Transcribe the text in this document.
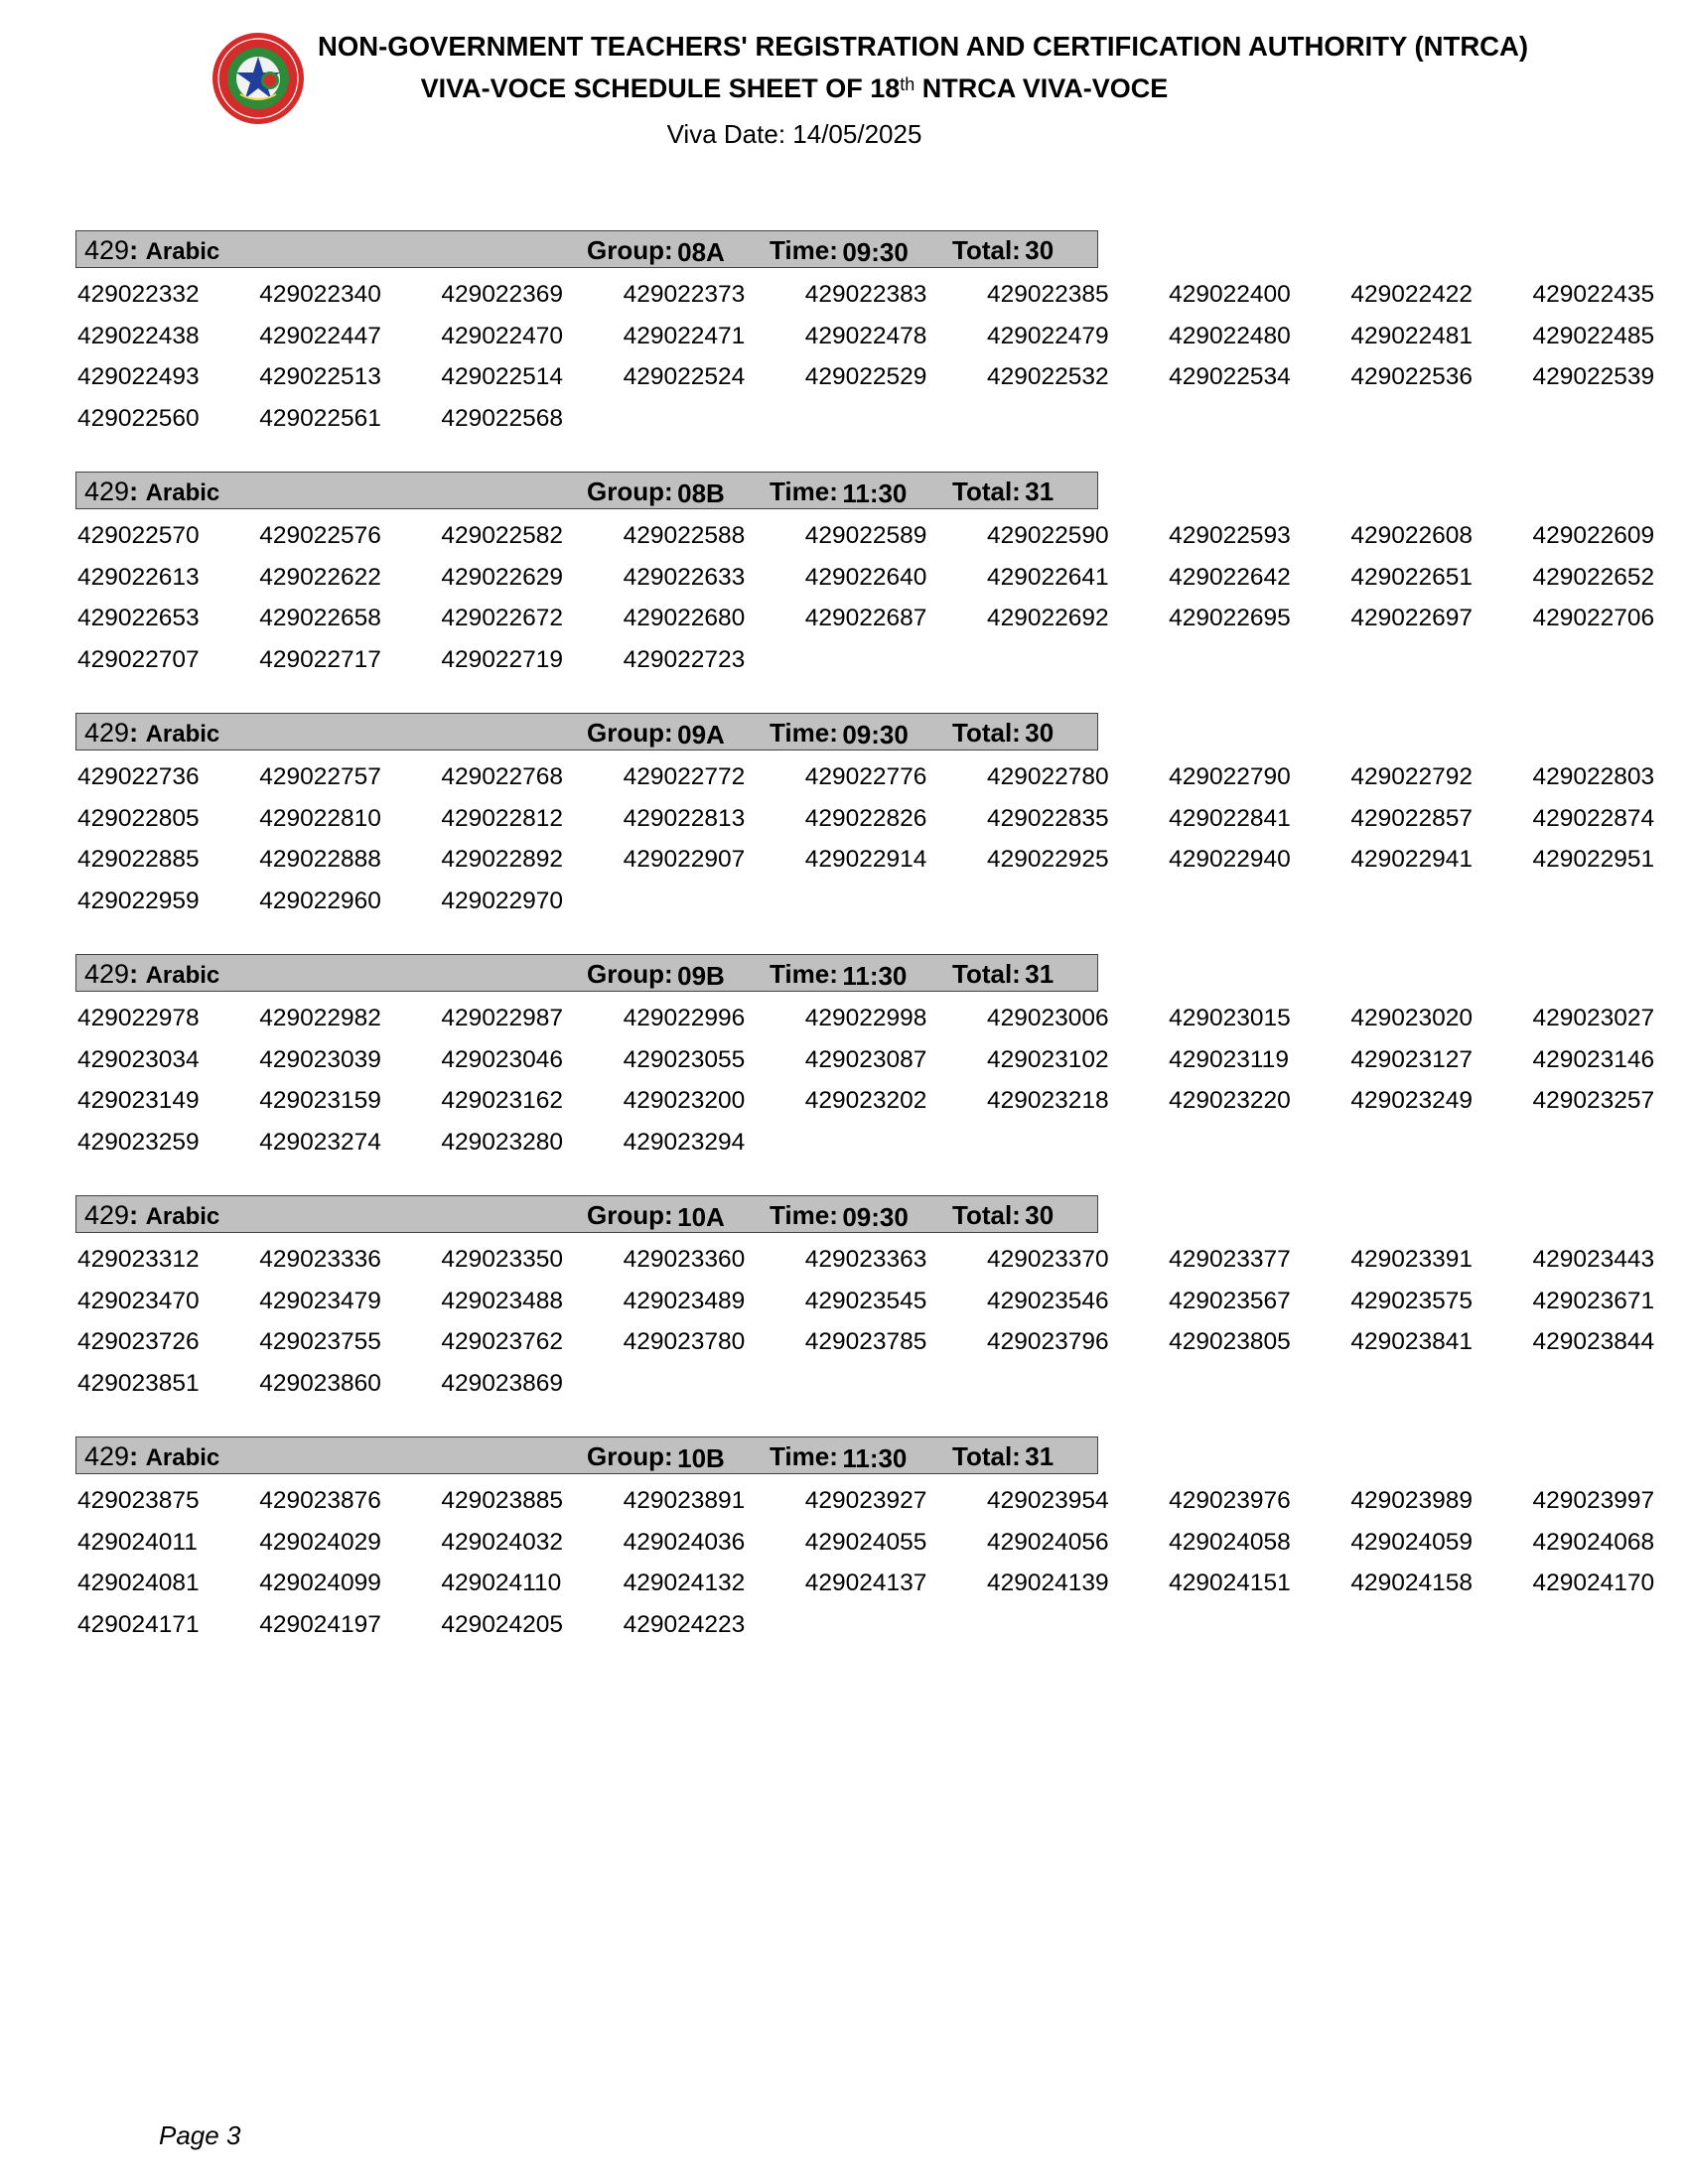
NON-GOVERNMENT TEACHERS' REGISTRATION AND CERTIFICATION AUTHORITY (NTRCA)
VIVA-VOCE SCHEDULE SHEET OF 18th NTRCA VIVA-VOCE
Viva Date: 14/05/2025
429: Arabic	Group: 08A Time: 09:30 Total: 30
429022332	429022340	429022369	429022373	429022383	429022385	429022400	429022422	429022435
429022438	429022447	429022470	429022471	429022478	429022479	429022480	429022481	429022485
429022493	429022513	429022514	429022524	429022529	429022532	429022534	429022536	429022539
429022560	429022561	429022568
429: Arabic	Group: 08B Time: 11:30 Total: 31
429022570	429022576	429022582	429022588	429022589	429022590	429022593	429022608	429022609
429022613	429022622	429022629	429022633	429022640	429022641	429022642	429022651	429022652
429022653	429022658	429022672	429022680	429022687	429022692	429022695	429022697	429022706
429022707	429022717	429022719	429022723
429: Arabic	Group: 09A Time: 09:30 Total: 30
429022736	429022757	429022768	429022772	429022776	429022780	429022790	429022792	429022803
429022805	429022810	429022812	429022813	429022826	429022835	429022841	429022857	429022874
429022885	429022888	429022892	429022907	429022914	429022925	429022940	429022941	429022951
429022959	429022960	429022970
429: Arabic	Group: 09B Time: 11:30 Total: 31
429022978	429022982	429022987	429022996	429022998	429023006	429023015	429023020	429023027
429023034	429023039	429023046	429023055	429023087	429023102	429023119	429023127	429023146
429023149	429023159	429023162	429023200	429023202	429023218	429023220	429023249	429023257
429023259	429023274	429023280	429023294
429: Arabic	Group: 10A Time: 09:30 Total: 30
429023312	429023336	429023350	429023360	429023363	429023370	429023377	429023391	429023443
429023470	429023479	429023488	429023489	429023545	429023546	429023567	429023575	429023671
429023726	429023755	429023762	429023780	429023785	429023796	429023805	429023841	429023844
429023851	429023860	429023869
429: Arabic	Group: 10B Time: 11:30 Total: 31
429023875	429023876	429023885	429023891	429023927	429023954	429023976	429023989	429023997
429024011	429024029	429024032	429024036	429024055	429024056	429024058	429024059	429024068
429024081	429024099	429024110	429024132	429024137	429024139	429024151	429024158	429024170
429024171	429024197	429024205	429024223
Page 3
